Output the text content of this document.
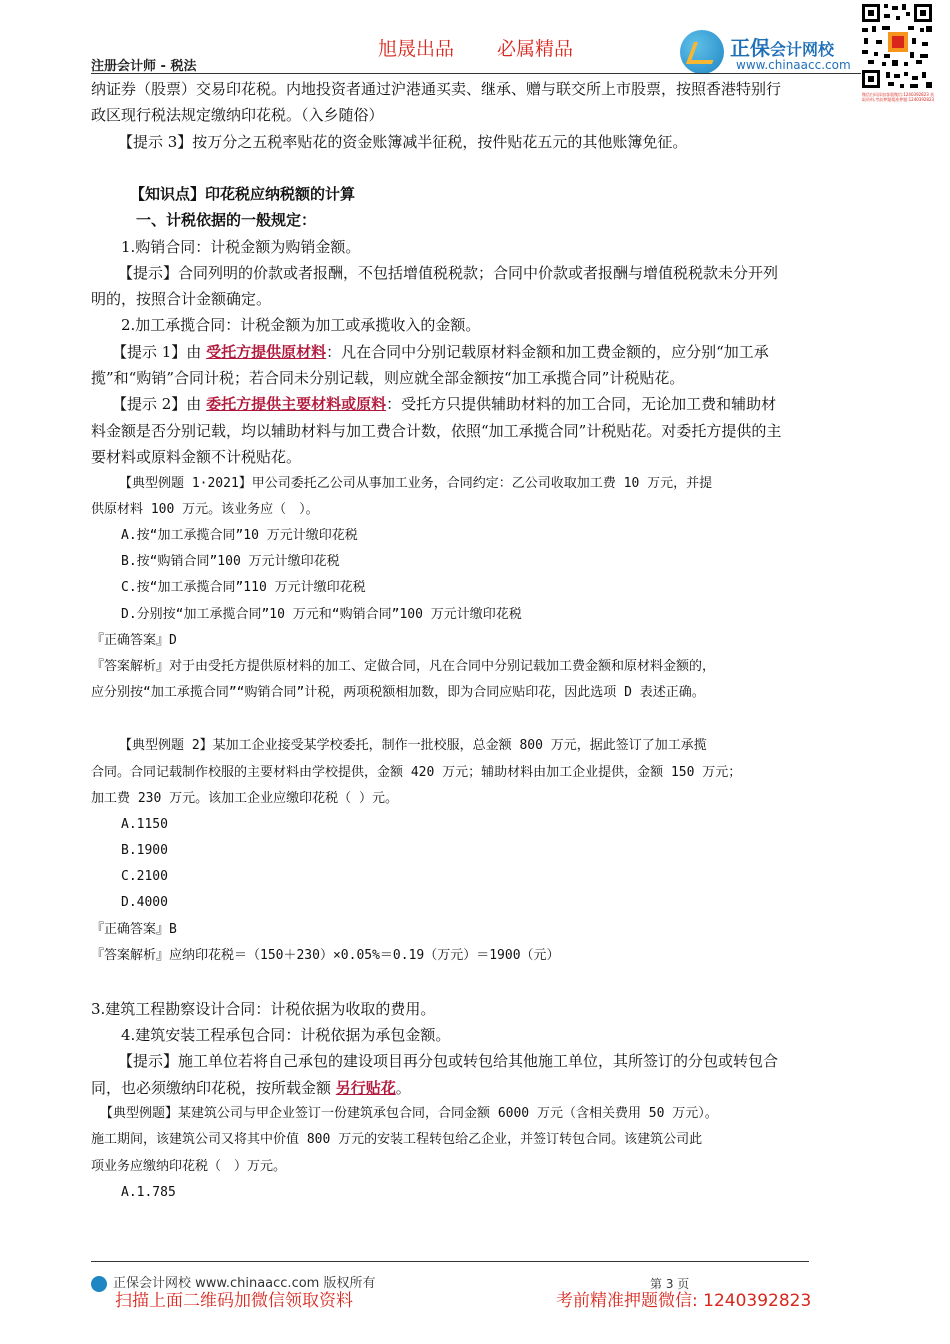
旭晟出品 必属精品
注册会计师 - 税法
正保会计网校
www.chinaacc.com
微信扫码添加客服微信:1240392823 获取资料,考前押题精准押题:1240392823
纳证券（股票）交易印花税。内地投资者通过沪港通买卖、继承、赠与联交所上市股票，按照香港特别行
政区现行税法规定缴纳印花税。（入乡随俗）
【提示 3】按万分之五税率贴花的资金账簿减半征税，按件贴花五元的其他账簿免征。
【知识点】印花税应纳税额的计算
一、计税依据的一般规定：
1.购销合同：计税金额为购销金额。
【提示】合同列明的价款或者报酬，不包括增值税税款；合同中价款或者报酬与增值税税款未分开列
明的，按照合计金额确定。
2.加工承揽合同：计税金额为加工或承揽收入的金额。
【提示 1】由 受托方提供原材料：凡在合同中分别记载原材料金额和加工费金额的，应分别“加工承
揽”和“购销”合同计税；若合同未分别记载，则应就全部金额按“加工承揽合同”计税贴花。
【提示 2】由 委托方提供主要材料或原料：受托方只提供辅助材料的加工合同，无论加工费和辅助材
料金额是否分别记载，均以辅助材料与加工费合计数，依照“加工承揽合同”计税贴花。对委托方提供的主
要材料或原料金额不计税贴花。
【典型例题 1·2021】甲公司委托乙公司从事加工业务，合同约定：乙公司收取加工费 10 万元，并提
供原材料 100 万元。该业务应（　）。
A.按“加工承揽合同”10 万元计缴印花税
B.按“购销合同”100 万元计缴印花税
C.按“加工承揽合同”110 万元计缴印花税
D.分别按“加工承揽合同”10 万元和“购销合同”100 万元计缴印花税
『正确答案』D
『答案解析』对于由受托方提供原材料的加工、定做合同，凡在合同中分别记载加工费金额和原材料金额的，
应分别按“加工承揽合同”“购销合同”计税，两项税额相加数，即为合同应贴印花，因此选项 D 表述正确。
【典型例题 2】某加工企业接受某学校委托，制作一批校服，总金额 800 万元，据此签订了加工承揽
合同。合同记载制作校服的主要材料由学校提供，金额 420 万元；辅助材料由加工企业提供，金额 150 万元；
加工费 230 万元。该加工企业应缴印花税（ ）元。
A.1150
B.1900
C.2100
D.4000
『正确答案』B
『答案解析』应纳印花税＝（150＋230）×0.05%＝0.19（万元）＝1900（元）
3.建筑工程勘察设计合同：计税依据为收取的费用。
4.建筑安装工程承包合同：计税依据为承包金额。
【提示】施工单位若将自己承包的建设项目再分包或转包给其他施工单位，其所签订的分包或转包合
同，也必须缴纳印花税，按所载金额 另行贴花。
【典型例题】某建筑公司与甲企业签订一份建筑承包合同，合同金额 6000 万元（含相关费用 50 万元）。
施工期间，该建筑公司又将其中价值 800 万元的安装工程转包给乙企业，并签订转包合同。该建筑公司此
项业务应缴纳印花税（　）万元。
A.1.785
正保会计网校 www.chinaacc.com 版权所有	第 3 页
扫描上面二维码加微信领取资料	考前精准押题微信: 1240392823
